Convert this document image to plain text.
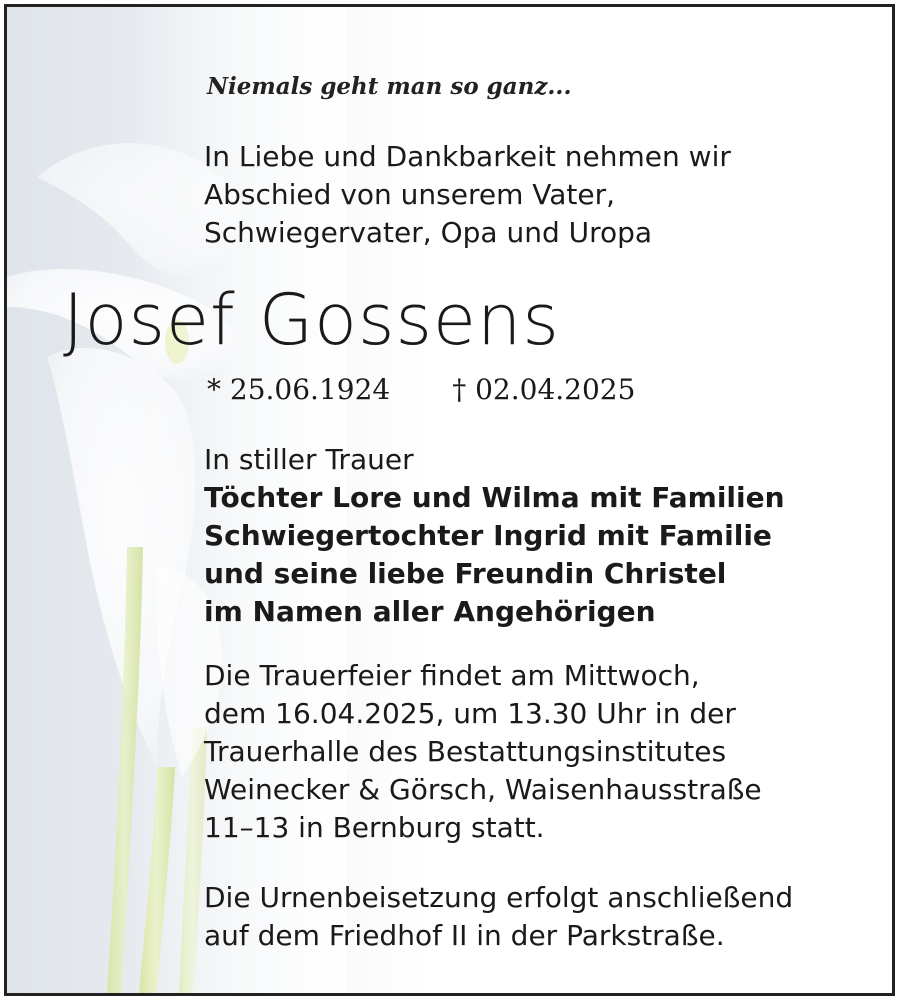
Niemals geht man so ganz...
In Liebe und Dankbarkeit nehmen wir
Abschied von unserem Vater,
Schwiegervater, Opa und Uropa
Josef Gossens
* 25.06.1924 † 02.04.2025
In stiller Trauer
Töchter Lore und Wilma mit Familien
Schwiegertochter Ingrid mit Familie
und seine liebe Freundin Christel
im Namen aller Angehörigen
Die Trauerfeier findet am Mittwoch,
dem 16.04.2025, um 13.30 Uhr in der
Trauerhalle des Bestattungsinstitutes
Weinecker & Görsch, Waisenhausstraße
11–13 in Bernburg statt.
Die Urnenbeisetzung erfolgt anschließend
auf dem Friedhof II in der Parkstraße.
